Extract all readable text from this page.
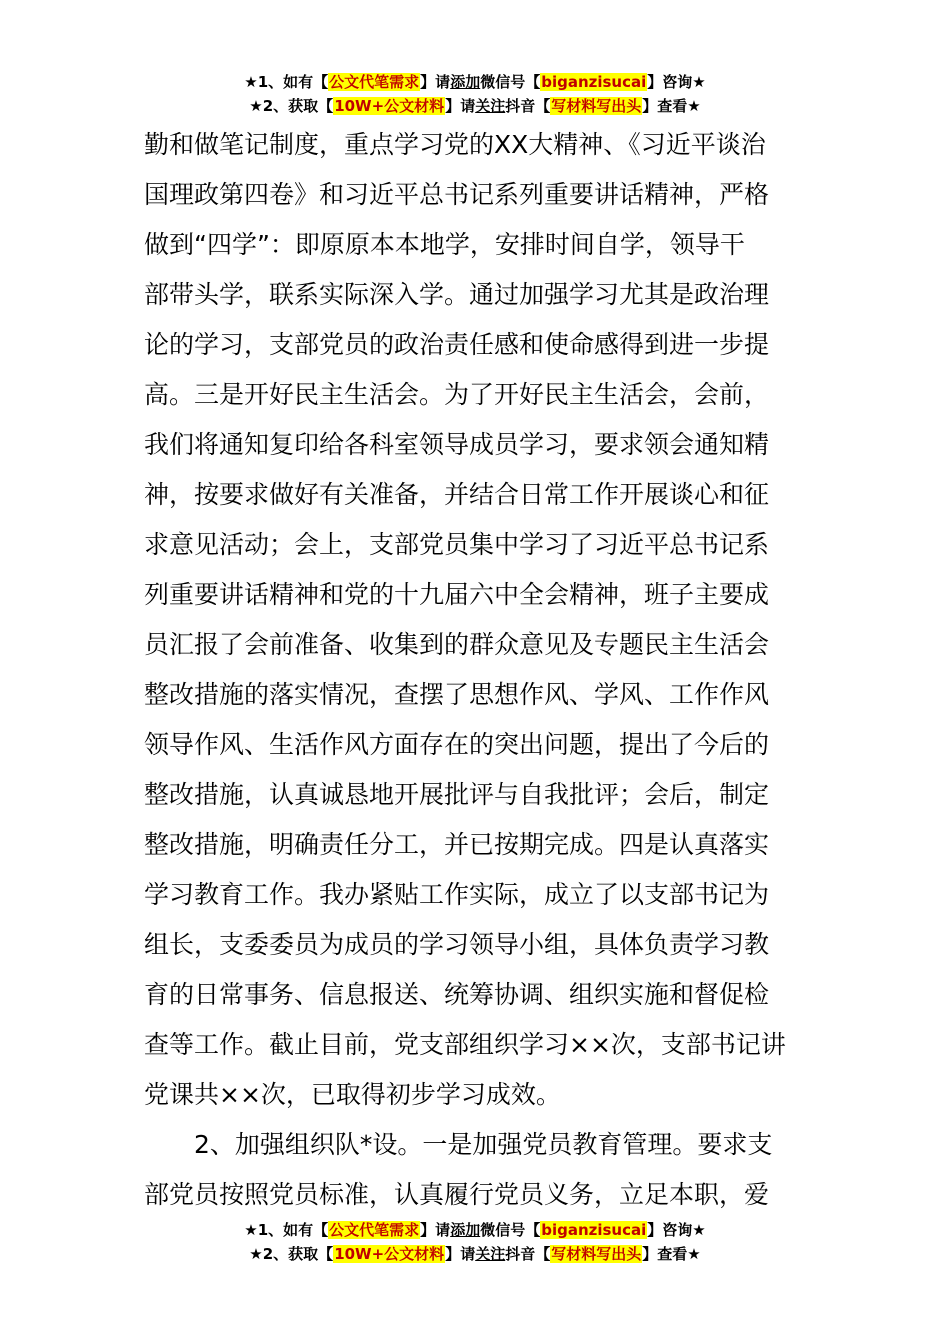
★1、如有【公文代笔需求】请添加微信号【biganzisucai】咨询★
★2、获取【10W+公文材料】请关注抖音【写材料写出头】查看★
勤和做笔记制度，重点学习党的XX大精神、《习近平谈治
国理政第四卷》和习近平总书记系列重要讲话精神，严格
做到“四学”：即原原本本地学，安排时间自学，领导干
部带头学，联系实际深入学。通过加强学习尤其是政治理
论的学习，支部党员的政治责任感和使命感得到进一步提
高。三是开好民主生活会。为了开好民主生活会，会前，
我们将通知复印给各科室领导成员学习，要求领会通知精
神，按要求做好有关准备，并结合日常工作开展谈心和征
求意见活动；会上，支部党员集中学习了习近平总书记系
列重要讲话精神和党的十九届六中全会精神，班子主要成
员汇报了会前准备、收集到的群众意见及专题民主生活会
整改措施的落实情况，查摆了思想作风、学风、工作作风
领导作风、生活作风方面存在的突出问题，提出了今后的
整改措施，认真诚恳地开展批评与自我批评；会后，制定
整改措施，明确责任分工，并已按期完成。四是认真落实
学习教育工作。我办紧贴工作实际，成立了以支部书记为
组长，支委委员为成员的学习领导小组，具体负责学习教
育的日常事务、信息报送、统筹协调、组织实施和督促检
查等工作。截止目前，党支部组织学习××次，支部书记讲
党课共××次，已取得初步学习成效。
　　2、加强组织队*设。一是加强党员教育管理。要求支
部党员按照党员标准，认真履行党员义务，立足本职，爱
★1、如有【公文代笔需求】请添加微信号【biganzisucai】咨询★
★2、获取【10W+公文材料】请关注抖音【写材料写出头】查看★
